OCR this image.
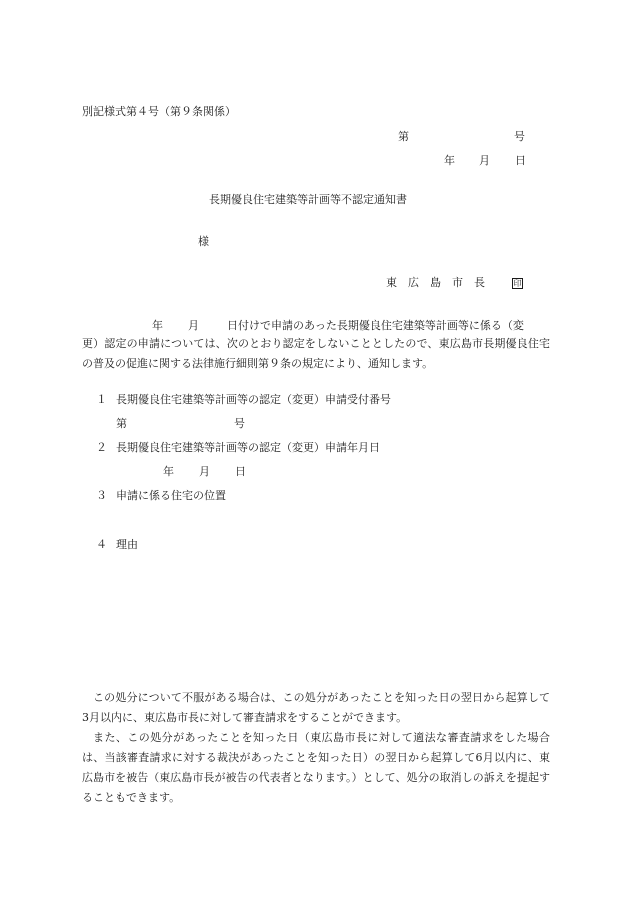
別記様式第４号（第９条関係）
第	号
年 月 日
長期優良住宅建築等計画等不認定通知書
様
東　広　島　市　長	印
年 月	日付けで申請のあった長期優良住宅建築等計画等に係る（変
更）認定の申請については、次のとおり認定をしないこととしたので、東広島市長期優良住宅の普及の促進に関する法律施行細則第９条の規定により、通知します。
１ 長期優良住宅建築等計画等の認定（変更）申請受付番号
第	号
２ 長期優良住宅建築等計画等の認定（変更）申請年月日
年 月 日
３ 申請に係る住宅の位置
４ 理由
この処分について不服がある場合は、この処分があったことを知った日の翌日から起算して3月以内に、東広島市長に対して審査請求をすることができます。
また、この処分があったことを知った日（東広島市長に対して適法な審査請求をした場合は、当該審査請求に対する裁決があったことを知った日）の翌日から起算して6月以内に、東広島市を被告（東広島市長が被告の代表者となります。）として、処分の取消しの訴えを提起することもできます。
